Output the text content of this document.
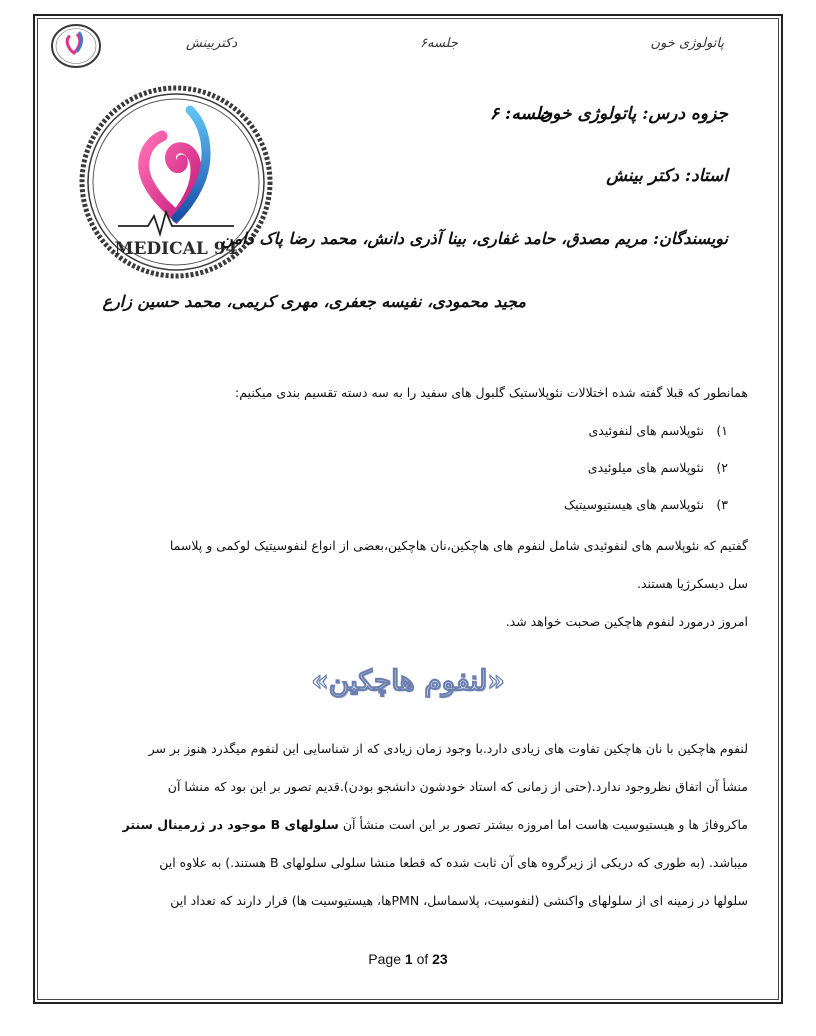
پاتولوژی خون
جلسه۶
دکتربینش
MEDICAL 94
جزوه درس: پاتولوژی خون
جلسه: ۶
استاد: دکتر بینش
نویسندگان: مریم مصدق، حامد غفاری، بینا آذری دانش، محمد رضا پاک دامن
مجید محمودی، نفیسه جعفری، مهری کریمی، محمد حسین زارع
همانطور که قبلا گفته شده اختلالات نئوپلاستیک گلبول های سفید را به سه دسته تقسیم بندی میکنیم:
۱) نئوپلاسم های لنفوئیدی
۲) نئوپلاسم های میلوئیدی
۳) نئوپلاسم های هیستیوسیتیک
گفتیم که نئوپلاسم های لنفوئیدی شامل لنفوم های هاچکین،نان هاچکین،بعضی از انواع لنفوسیتیک لوکمی و پلاسما
سل دیسکرژیا هستند.
امروز درمورد لنفوم هاچکین صحبت خواهد شد.
«لنفوم هاچکین»
لنفوم هاچکین با نان هاچکین تفاوت های زیادی دارد.با وجود زمان زیادی که از شناسایی این لنفوم میگذرد هنوز بر سر
منشأ آن اتفاق نظروجود ندارد.(حتی از زمانی که استاد خودشون دانشجو بودن).قدیم تصور بر این بود که منشا آن
ماکروفاژ ها و هیستیوسیت هاست اما امروزه بیشتر تصور بر این است منشأ آن سلولهای B موجود در ژرمینال سنتر
میباشد. (به طوری که دریکی از زیرگروه های آن ثابت شده که قطعا منشا سلولی سلولهای B هستند.) به علاوه این
سلولها در زمینه ای از سلولهای واکنشی (لنفوسیت، پلاسماسل، PMNها، هیستیوسیت ها) قرار دارند که تعداد این
Page 1 of 23
